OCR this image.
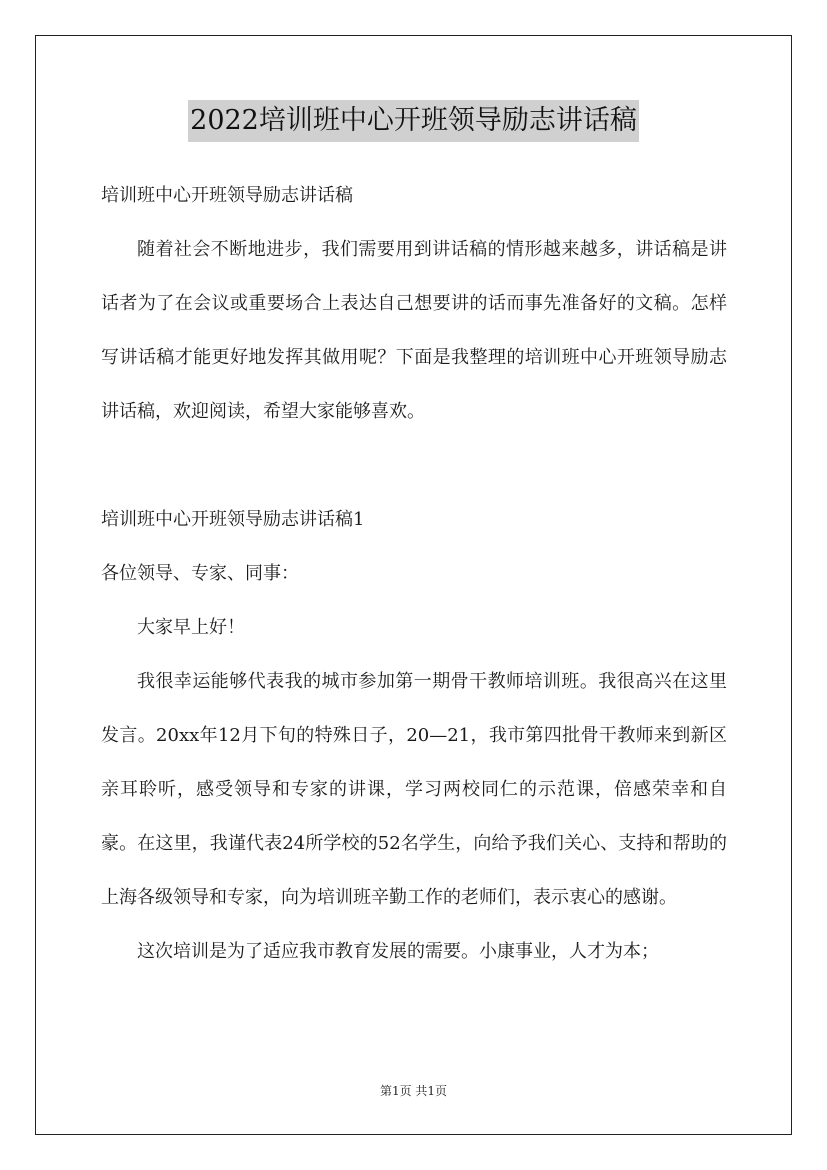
2022培训班中心开班领导励志讲话稿

培训班中心开班领导励志讲话稿

随着社会不断地进步，我们需要用到讲话稿的情形越来越多，讲话稿是讲话者为了在会议或重要场合上表达自己想要讲的话而事先准备好的文稿。怎样写讲话稿才能更好地发挥其做用呢？下面是我整理的培训班中心开班领导励志讲话稿，欢迎阅读，希望大家能够喜欢。

培训班中心开班领导励志讲话稿1

各位领导、专家、同事：

大家早上好！

我很幸运能够代表我的城市参加第一期骨干教师培训班。我很高兴在这里发言。20xx年12月下旬的特殊日子，20—21，我市第四批骨干教师来到新区亲耳聆听，感受领导和专家的讲课，学习两校同仁的示范课，倍感荣幸和自豪。在这里，我谨代表24所学校的52名学生，向给予我们关心、支持和帮助的上海各级领导和专家，向为培训班辛勤工作的老师们，表示衷心的感谢。

这次培训是为了适应我市教育发展的需要。小康事业，人才为本；

第1页 共1页
